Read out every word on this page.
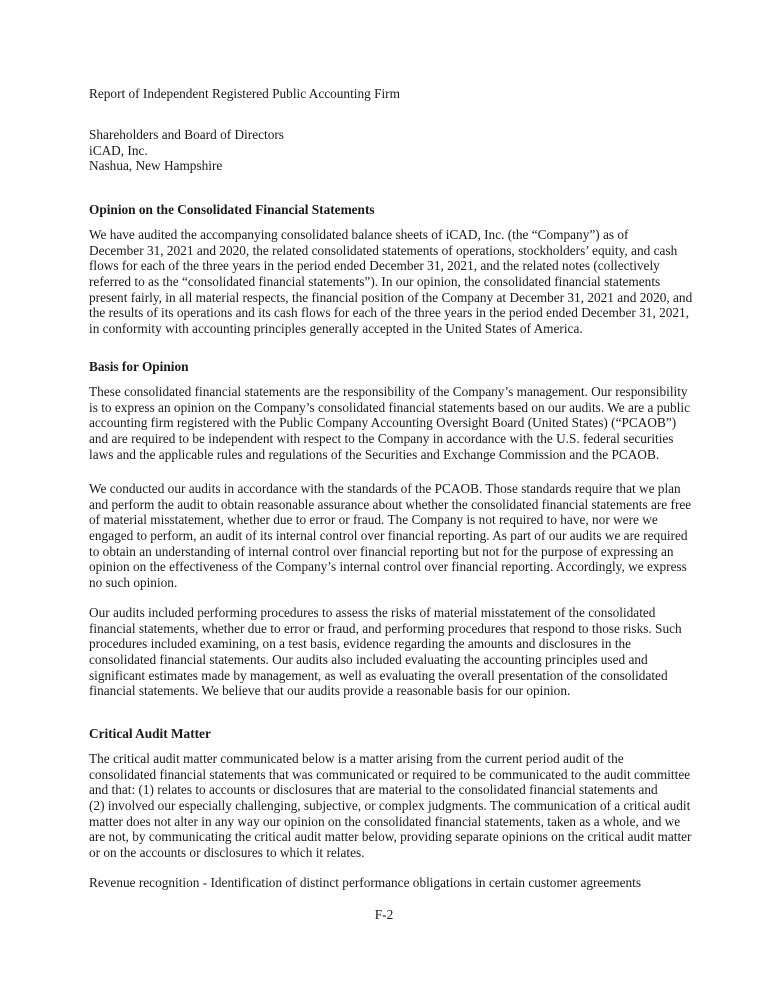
Report of Independent Registered Public Accounting Firm

Shareholders and Board of Directors
iCAD, Inc.
Nashua, New Hampshire
Opinion on the Consolidated Financial Statements
We have audited the accompanying consolidated balance sheets of iCAD, Inc. (the “Company”) as of
December 31, 2021 and 2020, the related consolidated statements of operations, stockholders’ equity, and cash
flows for each of the three years in the period ended December 31, 2021, and the related notes (collectively
referred to as the “consolidated financial statements”). In our opinion, the consolidated financial statements
present fairly, in all material respects, the financial position of the Company at December 31, 2021 and 2020, and
the results of its operations and its cash flows for each of the three years in the period ended December 31, 2021,
in conformity with accounting principles generally accepted in the United States of America.
Basis for Opinion
These consolidated financial statements are the responsibility of the Company’s management. Our responsibility
is to express an opinion on the Company’s consolidated financial statements based on our audits. We are a public
accounting firm registered with the Public Company Accounting Oversight Board (United States) (“PCAOB”)
and are required to be independent with respect to the Company in accordance with the U.S. federal securities
laws and the applicable rules and regulations of the Securities and Exchange Commission and the PCAOB.
We conducted our audits in accordance with the standards of the PCAOB. Those standards require that we plan
and perform the audit to obtain reasonable assurance about whether the consolidated financial statements are free
of material misstatement, whether due to error or fraud. The Company is not required to have, nor were we
engaged to perform, an audit of its internal control over financial reporting. As part of our audits we are required
to obtain an understanding of internal control over financial reporting but not for the purpose of expressing an
opinion on the effectiveness of the Company’s internal control over financial reporting. Accordingly, we express
no such opinion.
Our audits included performing procedures to assess the risks of material misstatement of the consolidated
financial statements, whether due to error or fraud, and performing procedures that respond to those risks. Such
procedures included examining, on a test basis, evidence regarding the amounts and disclosures in the
consolidated financial statements. Our audits also included evaluating the accounting principles used and
significant estimates made by management, as well as evaluating the overall presentation of the consolidated
financial statements. We believe that our audits provide a reasonable basis for our opinion.
Critical Audit Matter
The critical audit matter communicated below is a matter arising from the current period audit of the
consolidated financial statements that was communicated or required to be communicated to the audit committee
and that: (1) relates to accounts or disclosures that are material to the consolidated financial statements and
(2) involved our especially challenging, subjective, or complex judgments. The communication of a critical audit
matter does not alter in any way our opinion on the consolidated financial statements, taken as a whole, and we
are not, by communicating the critical audit matter below, providing separate opinions on the critical audit matter
or on the accounts or disclosures to which it relates.
Revenue recognition - Identification of distinct performance obligations in certain customer agreements
F-2
